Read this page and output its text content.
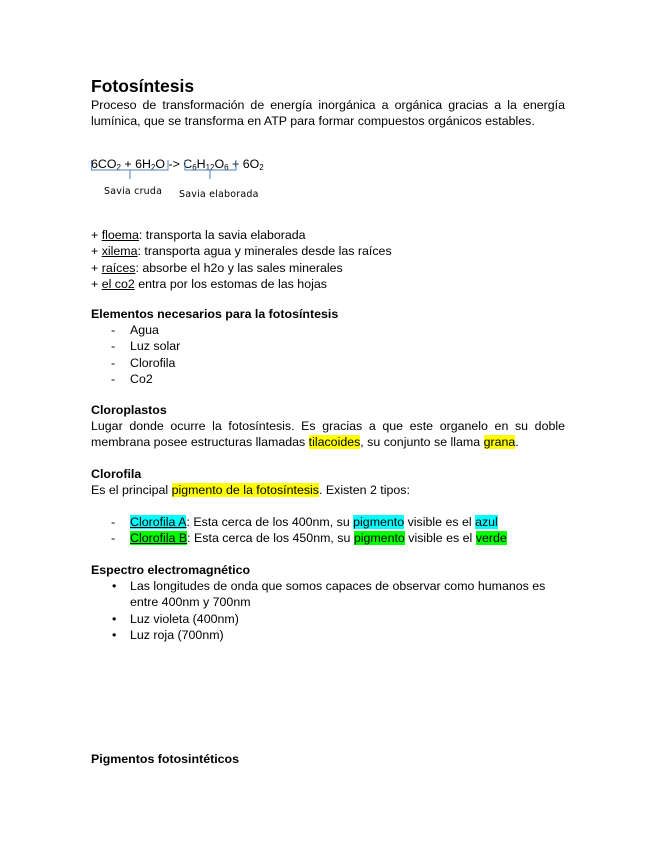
Fotosíntesis
Proceso de transformación de energía inorgánica a orgánica gracias a la energía lumínica, que se transforma en ATP para formar compuestos orgánicos estables.
$6CO_2 + 6H_2O -> C_6H_{12}O_6 + 6O_2$
Savia cruda Savia elaborada
+ floema: transporta la savia elaborada
+ xilema: transporta agua y minerales desde las raíces
+ raíces: absorbe el h2o y las sales minerales
+ el co2 entra por los estomas de las hojas
Elementos necesarios para la fotosíntesis
- Agua
- Luz solar
- Clorofila
- Co2
Cloroplastos
Lugar donde ocurre la fotosíntesis. Es gracias a que este organelo en su doble membrana posee estructuras llamadas tilacoides, su conjunto se llama grana.
Clorofila
Es el principal pigmento de la fotosíntesis. Existen 2 tipos:
- Clorofila A: Esta cerca de los 400nm, su pigmento visible es el azul
- Clorofila B: Esta cerca de los 450nm, su pigmento visible es el verde
Espectro electromagnético
• Las longitudes de onda que somos capaces de observar como humanos es entre 400nm y 700nm
• Luz violeta (400nm)
• Luz roja (700nm)
Pigmentos fotosintéticos
